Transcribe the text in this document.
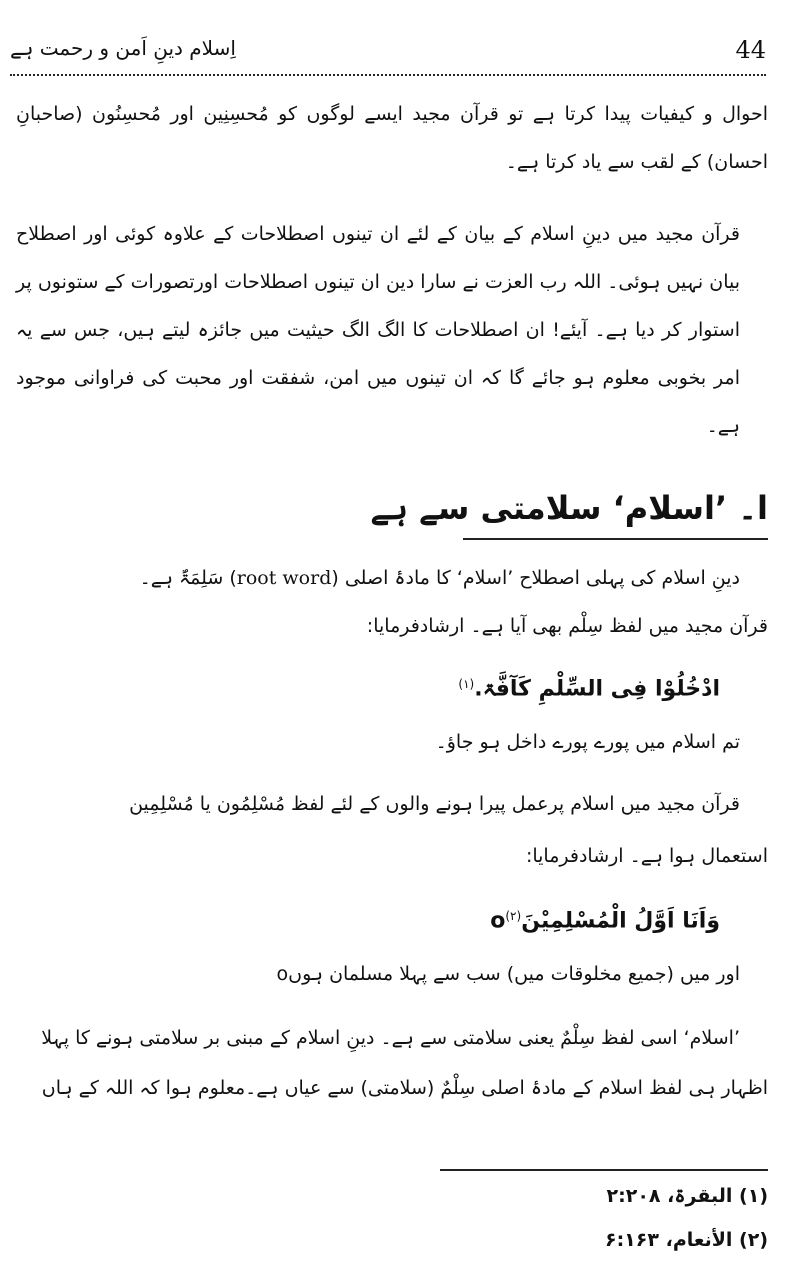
44
اِسلام دینِ اَمن و رحمت ہے
احوال و کیفیات پیدا کرتا ہے تو قرآن مجید ایسے لوگوں کو مُحسِنِین اور مُحسِنُون (صاحبانِ احسان) کے لقب سے یاد کرتا ہے۔
قرآن مجید میں دینِ اسلام کے بیان کے لئے ان تینوں اصطلاحات کے علاوہ کوئی اور اصطلاح بیان نہیں ہوئی۔ اللہ رب العزت نے سارا دین ان تینوں اصطلاحات اورتصورات کے ستونوں پر استوار کر دیا ہے۔ آیئے! ان اصطلاحات کا الگ الگ حیثیت میں جائزہ لیتے ہیں، جس سے یہ امر بخوبی معلوم ہو جائے گا کہ ان تینوں میں امن، شفقت اور محبت کی فراوانی موجود ہے۔
ا۔ ’اسلام‘ سلامتی سے ہے
دینِ اسلام کی پہلی اصطلاح ’اسلام‘ کا مادۂ اصلی (root word) سَلِمَۃٌ ہے۔
قرآن مجید میں لفظ سِلْم بھی آیا ہے۔ ارشادفرمایا:
ادْخُلُوْا فِی السِّلْمِ کَآفَّۃ.$^{(۱)}$
تم اسلام میں پورے پورے داخل ہو جاؤ۔
قرآن مجید میں اسلام پرعمل پیرا ہونے والوں کے لئے لفظ مُسْلِمُون یا مُسْلِمِین
استعمال ہوا ہے۔ ارشادفرمایا:
وَاَنَا اَوَّلُ الْمُسْلِمِیْنَo$^{(۲)}$
اور میں (جمیع مخلوقات میں) سب سے پہلا مسلمان ہوںo
’اسلام‘ اسی لفظ سِلْمٌ یعنی سلامتی سے ہے۔ دینِ اسلام کے مبنی بر سلامتی ہونے کا پہلا
اظہار ہی لفظ اسلام کے مادۂ اصلی سِلْمٌ (سلامتی) سے عیاں ہے۔معلوم ہوا کہ اللہ کے ہاں
(۱) البقرۃ، ۲:۲۰۸
(۲) الأنعام، ۶:۱۶۳
